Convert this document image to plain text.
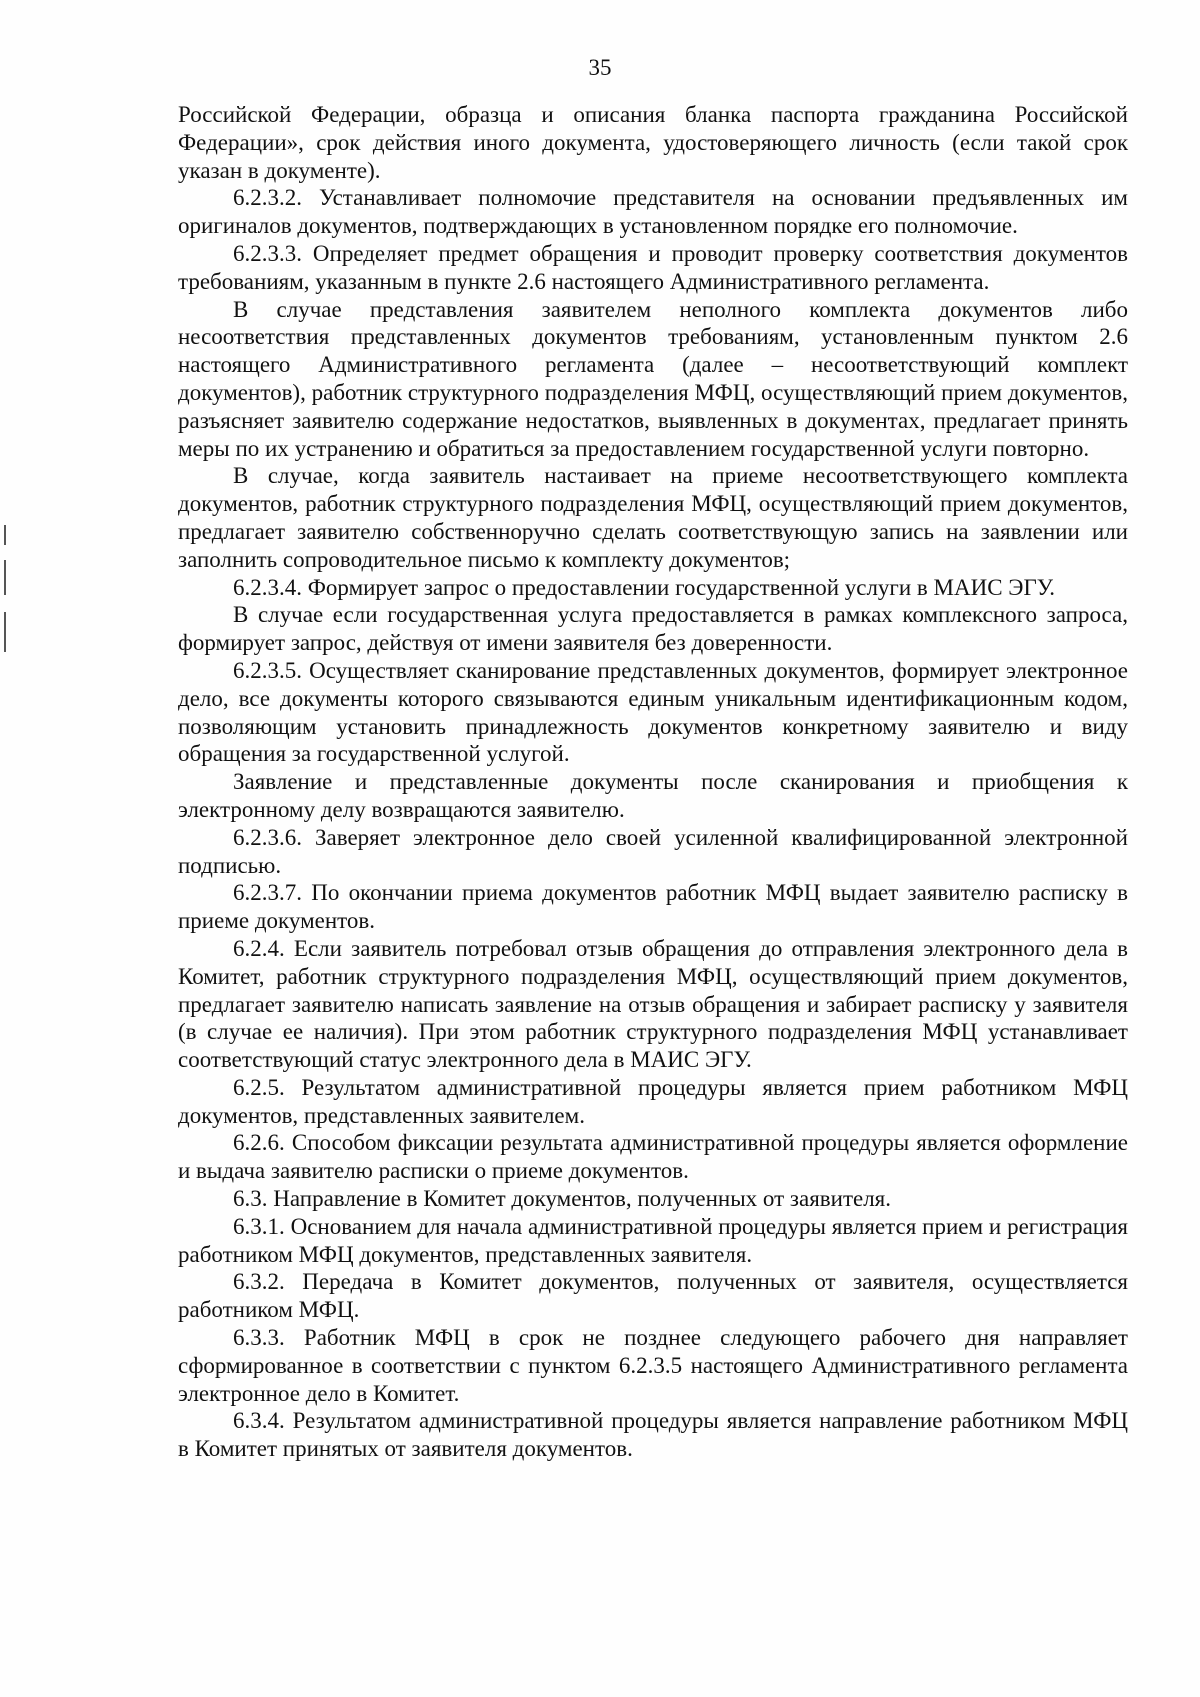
35

Российской Федерации, образца и описания бланка паспорта гражданина Российской Федерации», срок действия иного документа, удостоверяющего личность (если такой срок указан в документе).

6.2.3.2. Устанавливает полномочие представителя на основании предъявленных им оригиналов документов, подтверждающих в установленном порядке его полномочие.

6.2.3.3. Определяет предмет обращения и проводит проверку соответствия документов требованиям, указанным в пункте 2.6 настоящего Административного регламента.

В случае представления заявителем неполного комплекта документов либо несоответствия представленных документов требованиям, установленным пунктом 2.6 настоящего Административного регламента (далее – несоответствующий комплект документов), работник структурного подразделения МФЦ, осуществляющий прием документов, разъясняет заявителю содержание недостатков, выявленных в документах, предлагает принять меры по их устранению и обратиться за предоставлением государственной услуги повторно.

В случае, когда заявитель настаивает на приеме несоответствующего комплекта документов, работник структурного подразделения МФЦ, осуществляющий прием документов, предлагает заявителю собственноручно сделать соответствующую запись на заявлении или заполнить сопроводительное письмо к комплекту документов;

6.2.3.4. Формирует запрос о предоставлении государственной услуги в МАИС ЭГУ.

В случае если государственная услуга предоставляется в рамках комплексного запроса, формирует запрос, действуя от имени заявителя без доверенности.

6.2.3.5. Осуществляет сканирование представленных документов, формирует электронное дело, все документы которого связываются единым уникальным идентификационным кодом, позволяющим установить принадлежность документов конкретному заявителю и виду обращения за государственной услугой.

Заявление и представленные документы после сканирования и приобщения к электронному делу возвращаются заявителю.

6.2.3.6. Заверяет электронное дело своей усиленной квалифицированной электронной подписью.

6.2.3.7. По окончании приема документов работник МФЦ выдает заявителю расписку в приеме документов.

6.2.4. Если заявитель потребовал отзыв обращения до отправления электронного дела в Комитет, работник структурного подразделения МФЦ, осуществляющий прием документов, предлагает заявителю написать заявление на отзыв обращения и забирает расписку у заявителя (в случае ее наличия). При этом работник структурного подразделения МФЦ устанавливает соответствующий статус электронного дела в МАИС ЭГУ.

6.2.5. Результатом административной процедуры является прием работником МФЦ документов, представленных заявителем.

6.2.6. Способом фиксации результата административной процедуры является оформление и выдача заявителю расписки о приеме документов.

6.3. Направление в Комитет документов, полученных от заявителя.

6.3.1. Основанием для начала административной процедуры является прием и регистрация работником МФЦ документов, представленных заявителя.

6.3.2. Передача в Комитет документов, полученных от заявителя, осуществляется работником МФЦ.

6.3.3. Работник МФЦ в срок не позднее следующего рабочего дня направляет сформированное в соответствии с пунктом 6.2.3.5 настоящего Административного регламента электронное дело в Комитет.

6.3.4. Результатом административной процедуры является направление работником МФЦ в Комитет принятых от заявителя документов.
